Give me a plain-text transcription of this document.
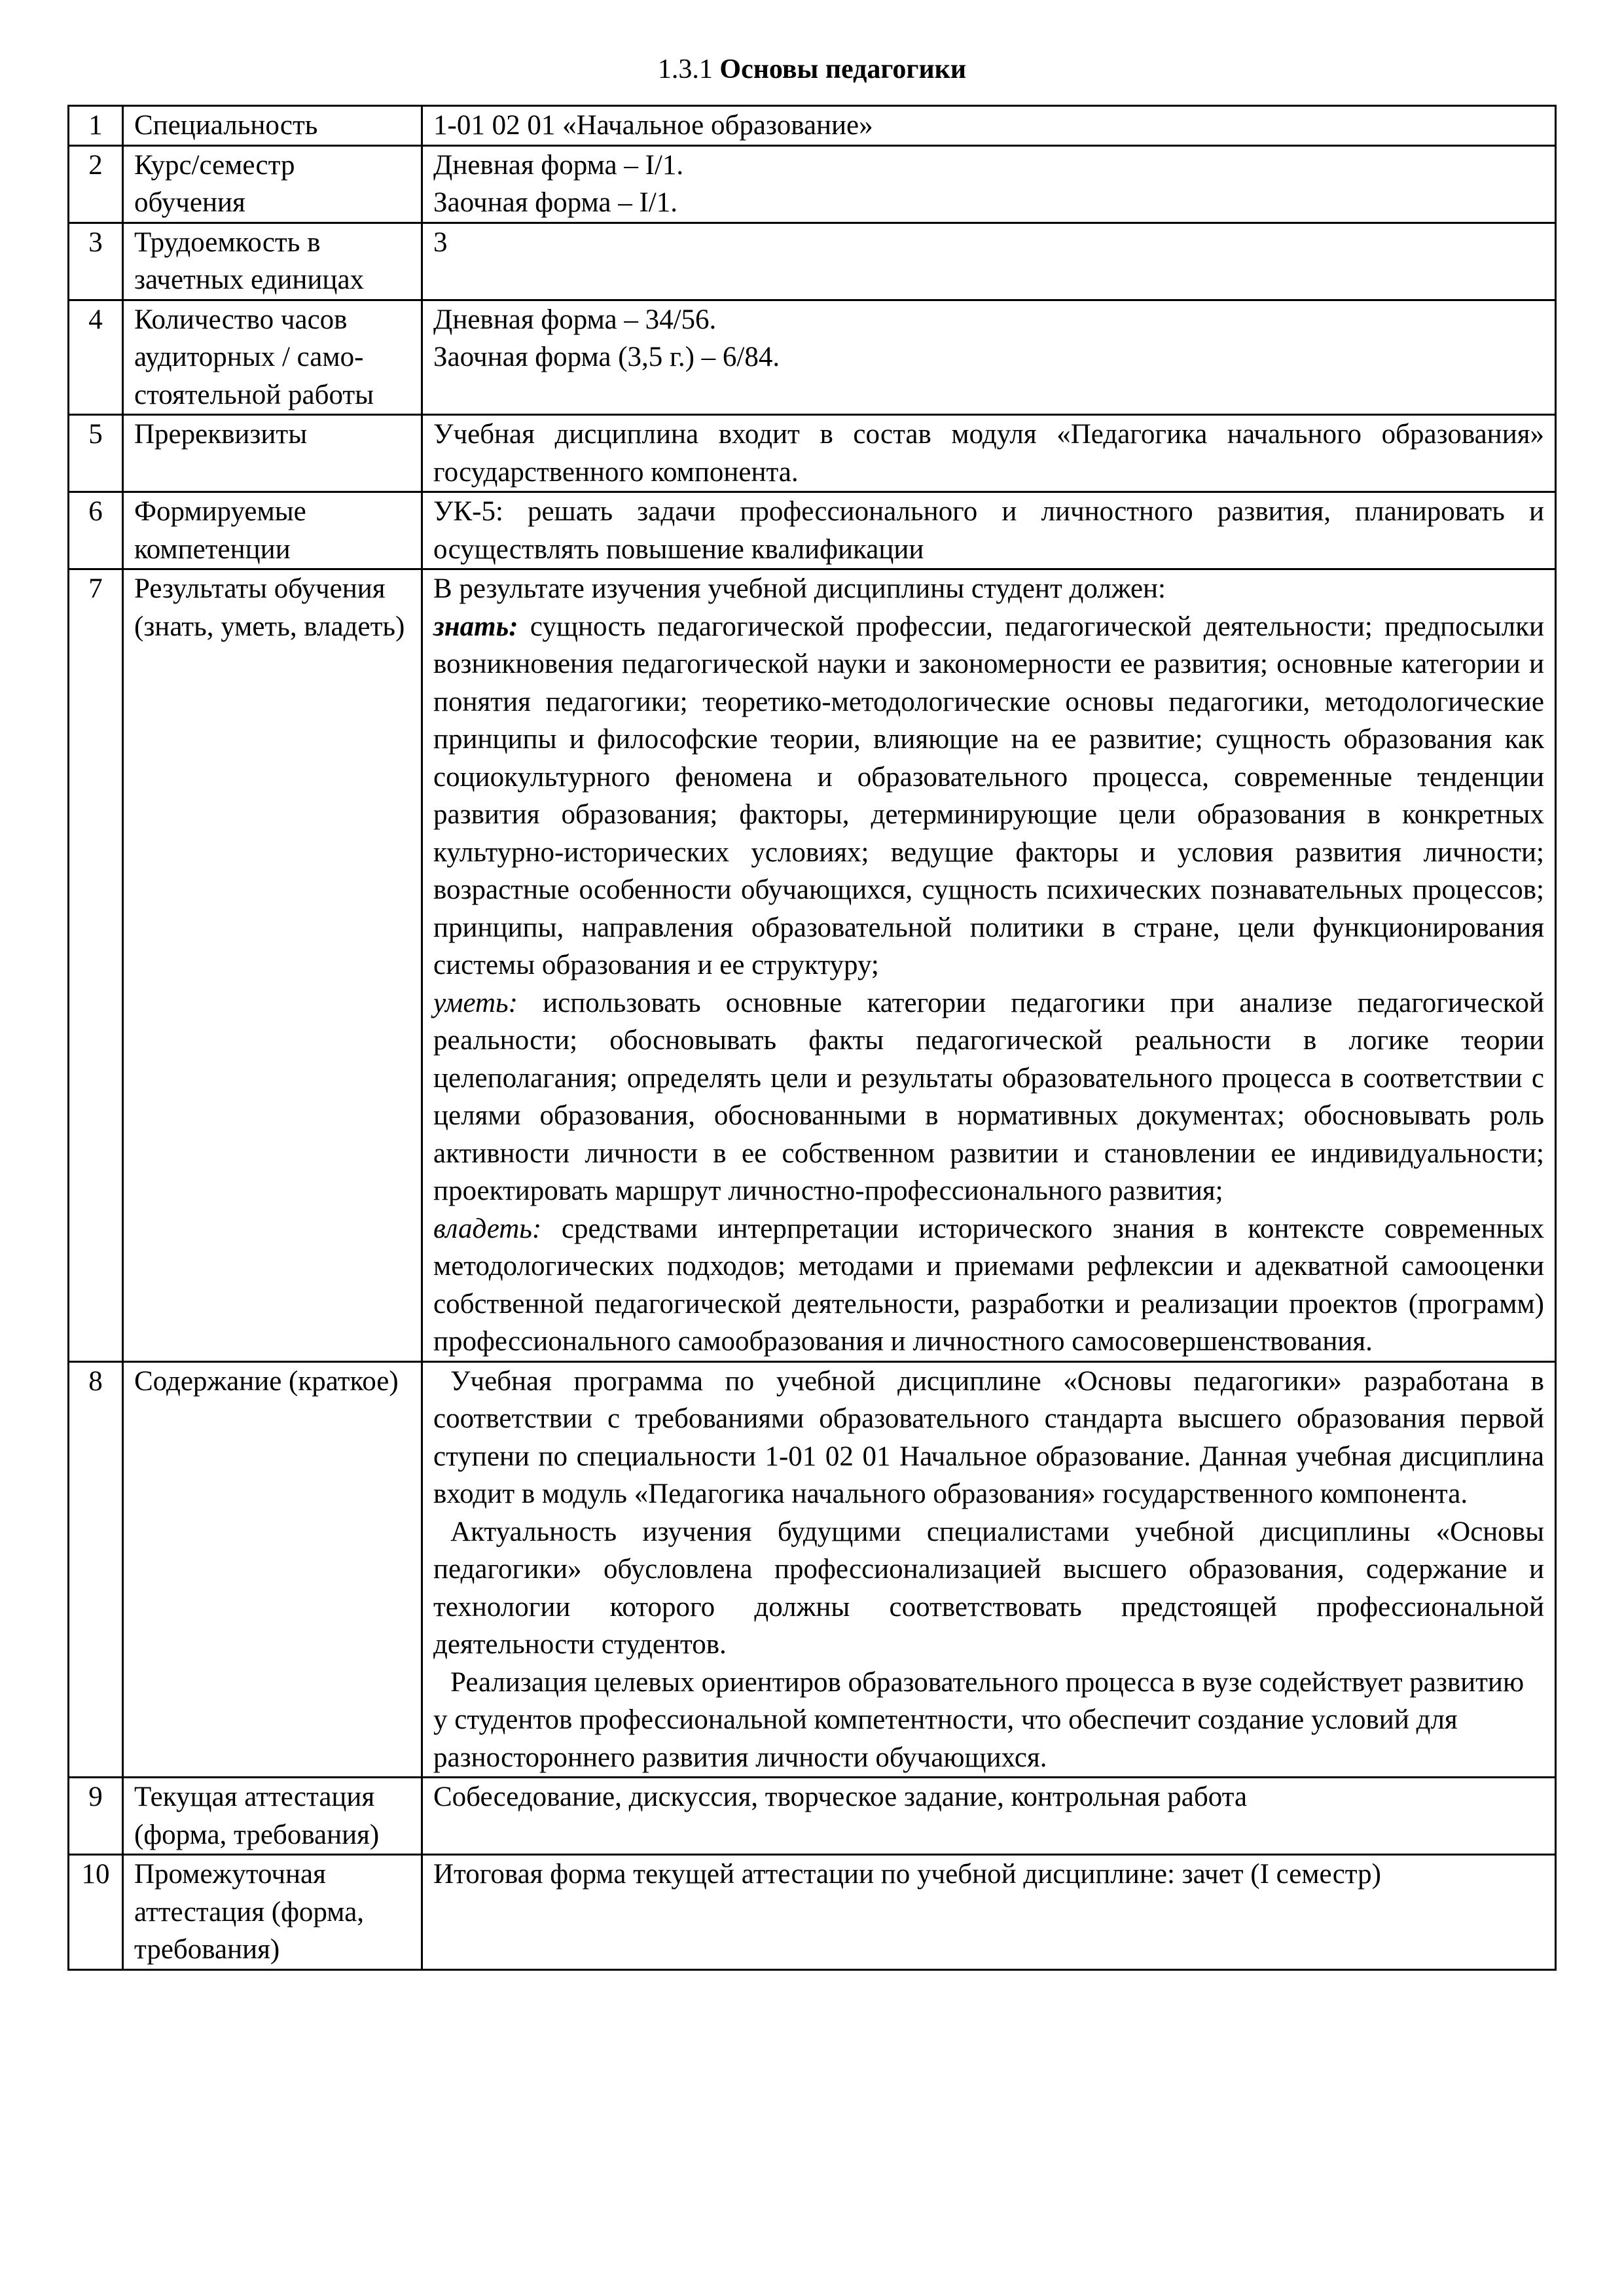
1.3.1 Основы педагогики
1	Специальность	1-01 02 01 «Начальное образование»

2	Курс/семестр обучения	Дневная форма – I/1.

Заочная форма – I/1.

3	Трудоемкость в зачетных единицах	3

4	Количество часов аудиторных / само-стоятельной работы	Дневная форма – 34/56.

Заочная форма (3,5 г.) – 6/84.

5	Пререквизиты	Учебная дисциплина входит в состав модуля «Педагогика начального образования» государственного компонента.

6	Формируемые компетенции	УК-5: решать задачи профессионального и личностного развития, планировать и осуществлять повышение квалификации

7	Результаты обучения (знать, уметь, владеть)	В результате изучения учебной дисциплины студент должен:

знать: сущность педагогической профессии, педагогической деятельности; предпосылки возникновения педагогической науки и закономерности ее развития; основные категории и понятия педагогики; теоретико-методологические основы педагогики, методологические принципы и философские теории, влияющие на ее развитие; сущность образования как социокультурного феномена и образовательного процесса, современные тенденции развития образования; факторы, детерминирующие цели образования в конкретных культурно-исторических условиях; ведущие факторы и условия развития личности; возрастные особенности обучающихся, сущность психических познавательных процессов; принципы, направления образовательной политики в стране, цели функционирования системы образования и ее структуру;

уметь: использовать основные категории педагогики при анализе педагогической реальности; обосновывать факты педагогической реальности в логике теории целеполагания; определять цели и результаты образовательного процесса в соответствии с целями образования, обоснованными в нормативных документах; обосновывать роль активности личности в ее собственном развитии и становлении ее индивидуальности; проектировать маршрут личностно-профессионального развития;

владеть: средствами интерпретации исторического знания в контексте современных методологических подходов; методами и приемами рефлексии и адекватной самооценки собственной педагогической деятельности, разработки и реализации проектов (программ) профессионального самообразования и личностного самосовершенствования.

8	Содержание (краткое)	Учебная программа по учебной дисциплине «Основы педагогики» разработана в соответствии с требованиями образовательного стандарта высшего образования первой ступени по специальности 1-01 02 01 Начальное образование. Данная учебная дисциплина входит в модуль «Педагогика начального образования» государственного компонента.

Актуальность изучения будущими специалистами учебной дисциплины «Основы педагогики» обусловлена профессионализацией высшего образования, содержание и технологии которого должны соответствовать предстоящей профессиональной деятельности студентов.

Реализация целевых ориентиров образовательного процесса в вузе содействует развитию у студентов профессиональной компетентности, что обеспечит создание условий для разностороннего развития личности обучающихся.

9	Текущая аттестация (форма, требования)	Собеседование, дискуссия, творческое задание, контрольная работа

10	Промежуточная аттестация (форма, требования)	Итоговая форма текущей аттестации по учебной дисциплине: зачет (I семестр)
